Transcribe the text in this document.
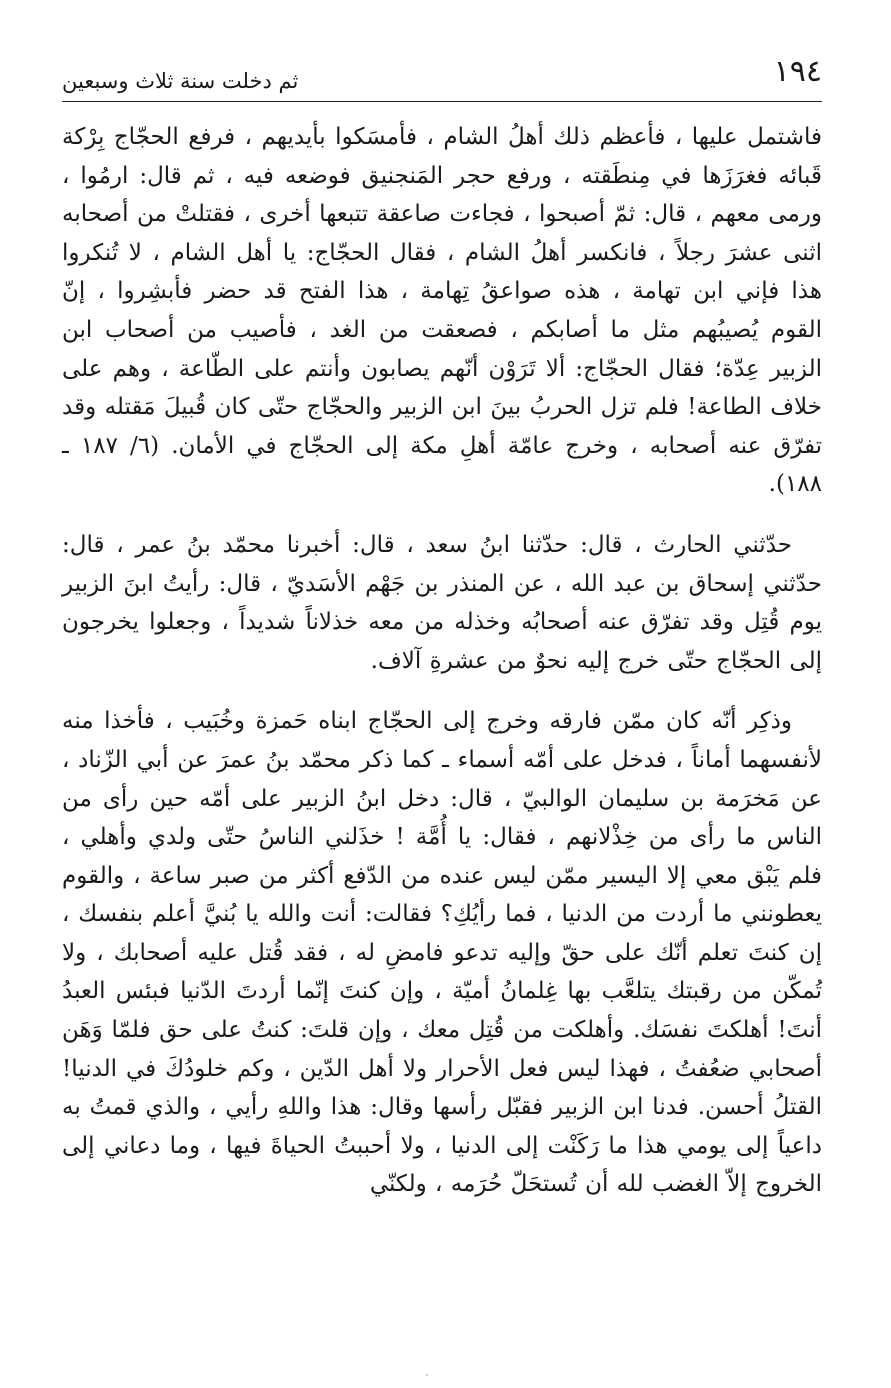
١٩٤
ثم دخلت سنة ثلاث وسبعين

فاشتمل عليها ، فأعظم ذلك أهلُ الشام ، فأمسَكوا بأيديهم ، فرفع الحجّاج بِرْكة قَبائه فغرَزَها في مِنطَقته ، ورفع حجر المَنجنيق فوضعه فيه ، ثم قال: ارمُوا ، ورمى معهم ، قال: ثمّ أصبحوا ، فجاءت صاعقة تتبعها أخرى ، فقتلتْ من أصحابه اثنى عشرَ رجلاً ، فانكسر أهلُ الشام ، فقال الحجّاج: يا أهل الشام ، لا تُنكروا هذا فإني ابن تهامة ، هذه صواعقُ تِهامة ، هذا الفتح قد حضر فأبشِروا ، إنّ القوم يُصيبُهم مثل ما أصابكم ، فصعقت من الغد ، فأصيب من أصحاب ابن الزبير عِدّة؛ فقال الحجّاج: ألا تَرَوْن أنّهم يصابون وأنتم على الطّاعة ، وهم على خلاف الطاعة! فلم تزل الحربُ بينَ ابن الزبير والحجّاج حتّى كان قُبيلَ مَقتله وقد تفرّق عنه أصحابه ، وخرج عامّة أهلِ مكة إلى الحجّاج في الأمان. (٦/ ١٨٧ ـ ١٨٨).

حدّثني الحارث ، قال: حدّثنا ابنُ سعد ، قال: أخبرنا محمّد بنُ عمر ، قال: حدّثني إسحاق بن عبد الله ، عن المنذر بن جَهْم الأسَديّ ، قال: رأيتُ ابنَ الزبير يوم قُتِل وقد تفرّق عنه أصحابُه وخذله من معه خذلاناً شديداً ، وجعلوا يخرجون إلى الحجّاج حتّى خرج إليه نحوٌ من عشرةِ آلاف.

وذكِر أنّه كان ممّن فارقه وخرج إلى الحجّاج ابناه حَمزة وخُبَيب ، فأخذا منه لأنفسهما أماناً ، فدخل على أمّه أسماء ـ كما ذكر محمّد بنُ عمرَ عن أبي الزّناد ، عن مَخرَمة بن سليمان الوالبيّ ، قال: دخل ابنُ الزبير على أمّه حين رأى من الناس ما رأى من خِذْلانهم ، فقال: يا أُمَّة ! خذَلني الناسُ حتّى ولدي وأهلي ، فلم يَبْق معي إلا اليسير ممّن ليس عنده من الدّفع أكثر من صبر ساعة ، والقوم يعطونني ما أردت من الدنيا ، فما رأيُكِ؟ فقالت: أنت والله يا بُنيَّ أعلم بنفسك ، إن كنتَ تعلم أنّك على حقّ وإليه تدعو فامضِ له ، فقد قُتل عليه أصحابك ، ولا تُمكّن من رقبتك يتلعَّب بها غِلمانُ أميّة ، وإن كنتَ إنّما أردتَ الدّنيا فبئس العبدُ أنتَ! أهلكتَ نفسَك. وأهلكت من قُتِل معك ، وإن قلتَ: كنتُ على حق فلمّا وَهَن أصحابي ضعُفتُ ، فهذا ليس فعل الأحرار ولا أهل الدّين ، وكم خلودُكَ في الدنيا! القتلُ أحسن. فدنا ابن الزبير فقبّل رأسها وقال: هذا واللهِ رأيي ، والذي قمتُ به داعياً إلى يومي هذا ما رَكَنْت إلى الدنيا ، ولا أحببتُ الحياةَ فيها ، وما دعاني إلى الخروج إلاّ الغضب لله أن تُستحَلّ حُرَمه ، ولكنّي
